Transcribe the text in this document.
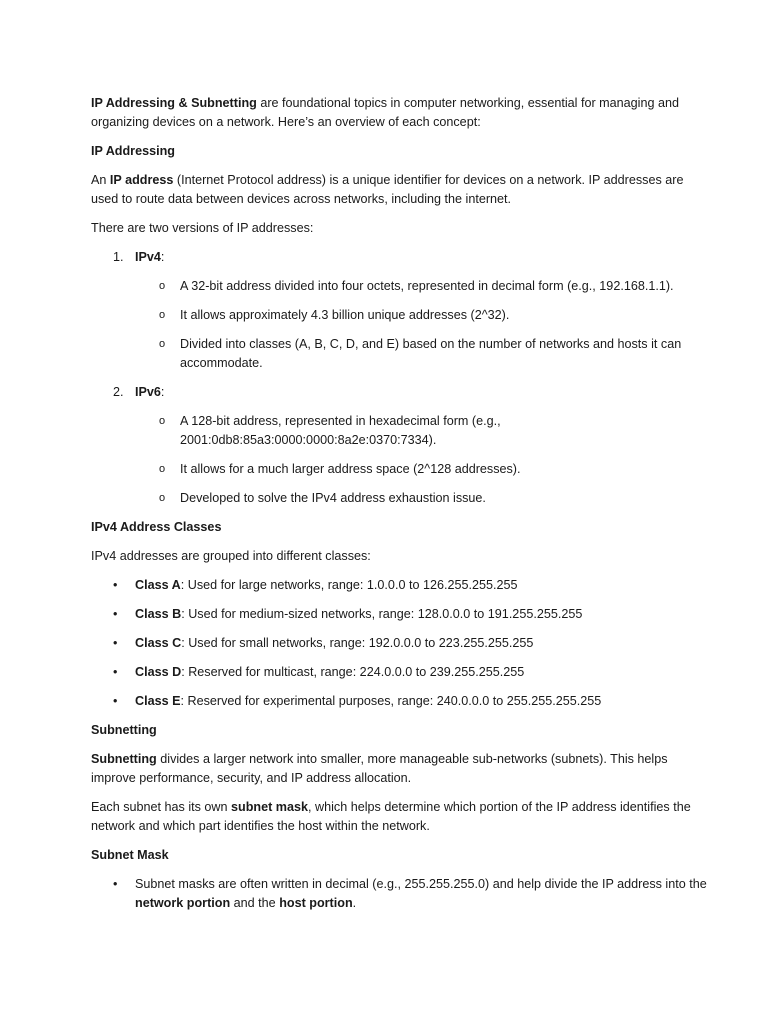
IP Addressing & Subnetting are foundational topics in computer networking, essential for managing and organizing devices on a network. Here’s an overview of each concept:

IP Addressing

An IP address (Internet Protocol address) is a unique identifier for devices on a network. IP addresses are used to route data between devices across networks, including the internet.

There are two versions of IP addresses:

1. IPv4:
o	A 32-bit address divided into four octets, represented in decimal form (e.g., 192.168.1.1).
o	It allows approximately 4.3 billion unique addresses (2^32).
o	Divided into classes (A, B, C, D, and E) based on the number of networks and hosts it can accommodate.
2. IPv6:
o	A 128-bit address, represented in hexadecimal form (e.g., 2001:0db8:85a3:0000:0000:8a2e:0370:7334).
o	It allows for a much larger address space (2^128 addresses).
o	Developed to solve the IPv4 address exhaustion issue.

IPv4 Address Classes

IPv4 addresses are grouped into different classes:

•	Class A: Used for large networks, range: 1.0.0.0 to 126.255.255.255
•	Class B: Used for medium-sized networks, range: 128.0.0.0 to 191.255.255.255
•	Class C: Used for small networks, range: 192.0.0.0 to 223.255.255.255
•	Class D: Reserved for multicast, range: 224.0.0.0 to 239.255.255.255
•	Class E: Reserved for experimental purposes, range: 240.0.0.0 to 255.255.255.255

Subnetting

Subnetting divides a larger network into smaller, more manageable sub-networks (subnets). This helps improve performance, security, and IP address allocation.

Each subnet has its own subnet mask, which helps determine which portion of the IP address identifies the network and which part identifies the host within the network.

Subnet Mask

•	Subnet masks are often written in decimal (e.g., 255.255.255.0) and help divide the IP address into the network portion and the host portion.
